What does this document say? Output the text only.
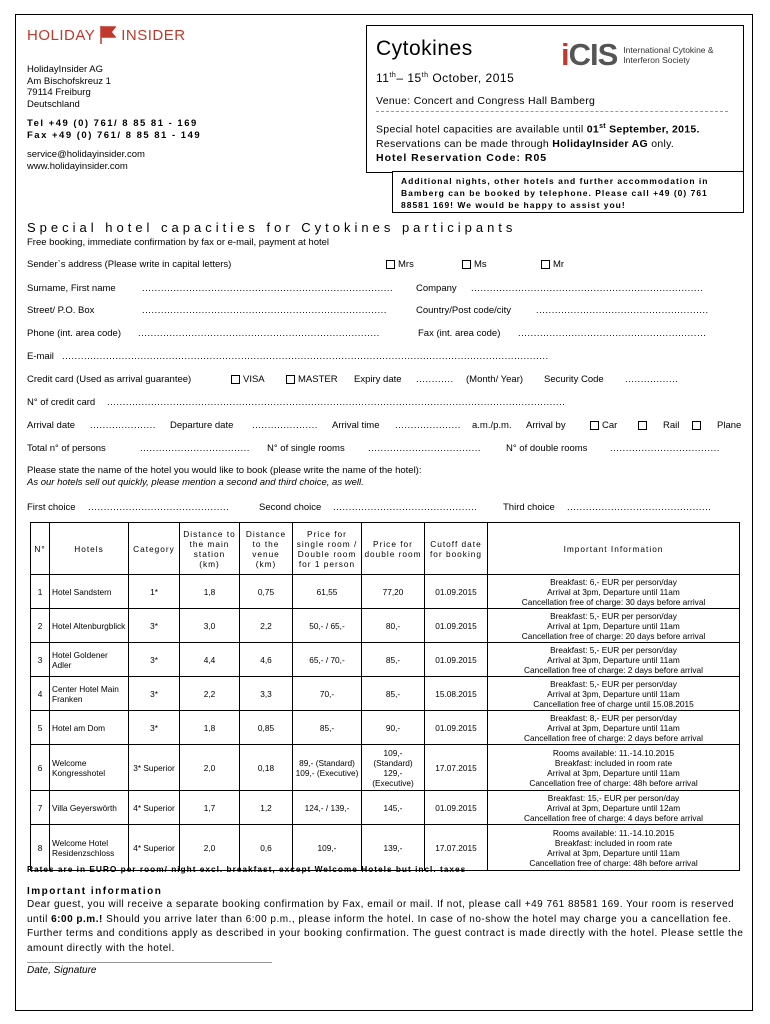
HOLIDAY INSIDER
HolidayInsider AG
Am Bischofskreuz 1
79114 Freiburg
Deutschland
Tel +49 (0) 761/ 8 85 81 - 169
Fax +49 (0) 761/ 8 85 81 - 149
service@holidayinsider.com
www.holidayinsider.com
Cytokines	iCIS International Cytokine &
Interferon Society
11th– 15th October, 2015
Venue: Concert and Congress Hall Bamberg
Special hotel capacities are available until 01st September, 2015.
Reservations can be made through HolidayInsider AG only.
Hotel Reservation Code: R05
Additional nights, other hotels and further accommodation in Bamberg can be booked by telephone. Please call +49 (0) 761 88581 169! We would be happy to assist you!
Special hotel capacities for Cytokines participants
Free booking, immediate confirmation by fax or e-mail, payment at hotel
Sender`s address (Please write in capital letters)	Mrs	Ms	Mr
Surname, First name	................................................................................ Company ..........................................................................
Street/ P.O. Box	..............................................................................	Country/Post code/city	.......................................................
Phone (int. area code) .............................................................................	Fax (int. area code) ............................................................
E-mail ...........................................................................................................................................................
Credit card (Used as arrival guarantee)	VISA	MASTER Expiry date ............ (Month/ Year) Security Code .................
N° of credit card ..................................................................................................................................................
Arrival date ..................... Departure date ..................... Arrival time ..................... a.m./p.m. Arrival by	Car	Rail	Plane
Total n° of persons	................................... N° of single rooms ....................................	N° of double rooms ...................................
Please state the name of the hotel you would like to book (please write the name of the hotel):
As our hotels sell out quickly, please mention a second and third choice, as well.
First choice .............................................	Second choice ..............................................	Third choice ..............................................
N°	Hotels	Category	Distance to the main station (km)	Distance to the venue (km)	Price for single room / Double room for 1 person	Price for double room	Cutoff date for booking	Important Information
1	Hotel Sandstern	1*	1,8	0,75	61,55	77,20	01.09.2015	Breakfast: 6,- EUR per person/day
Arrival at 3pm, Departure until 11am
Cancellation free of charge: 30 days before arrival

2	Hotel Altenburgblick	3*	3,0	2,2	50,- / 65,-	80,-	01.09.2015	Breakfast: 5,- EUR per person/day
Arrival at 1pm, Departure until 11am
Cancellation free of charge: 20 days before arrival

3	Hotel Goldener Adler	3*	4,4	4,6	65,- / 70,-	85,-	01.09.2015	Breakfast: 5,- EUR per person/day
Arrival at 3pm, Departure until 11am
Cancellation free of charge: 2 days before arrival

4	Center Hotel Main Franken	3*	2,2	3,3	70,-	85,-	15.08.2015	Breakfast: 5,- EUR per person/day
Arrival at 3pm, Departure until 11am
Cancellation free of charge until 15.08.2015

5	Hotel am Dom	3*	1,8	0,85	85,-	90,-	01.09.2015	Breakfast: 8,- EUR per person/day
Arrival at 3pm, Departure until 11am
Cancellation free of charge: 2 days before arrival

6	Welcome Kongresshotel	3* Superior	2,0	0,18	89,- (Standard) 109,- (Executive)	109,- (Standard) 129,- (Executive)	17.07.2015	Rooms available: 11.-14.10.2015
Breakfast: included in room rate
Arrival at 3pm, Departure until 11am
Cancellation free of charge: 48h before arrival

7	Villa Geyerswörth	4* Superior	1,7	1,2	124,- / 139,-	145,-	01.09.2015	Breakfast: 15,- EUR per person/day
Arrival at 3pm, Departure until 12am
Cancellation free of charge: 4 days before arrival

8	Welcome Hotel Residenzschloss	4* Superior	2,0	0,6	109,-	139,-	17.07.2015	Rooms available: 11.-14.10.2015
Breakfast: included in room rate
Arrival at 3pm, Departure until 11am
Cancellation free of charge: 48h before arrival
Rates are in EURO per room/ night excl. breakfast, except Welcome Hotels but incl. taxes
Important information
Dear guest, you will receive a separate booking confirmation by Fax, email or mail. If not, please call +49 761 88581 169. Your room is reserved until 6:00 p.m.! Should you arrive later than 6:00 p.m., please inform the hotel. In case of no-show the hotel may charge you a cancellation fee. Further terms and conditions apply as described in your booking confirmation. The guest contract is made directly with the hotel. Please settle the amount directly with the hotel.
Date, Signature
